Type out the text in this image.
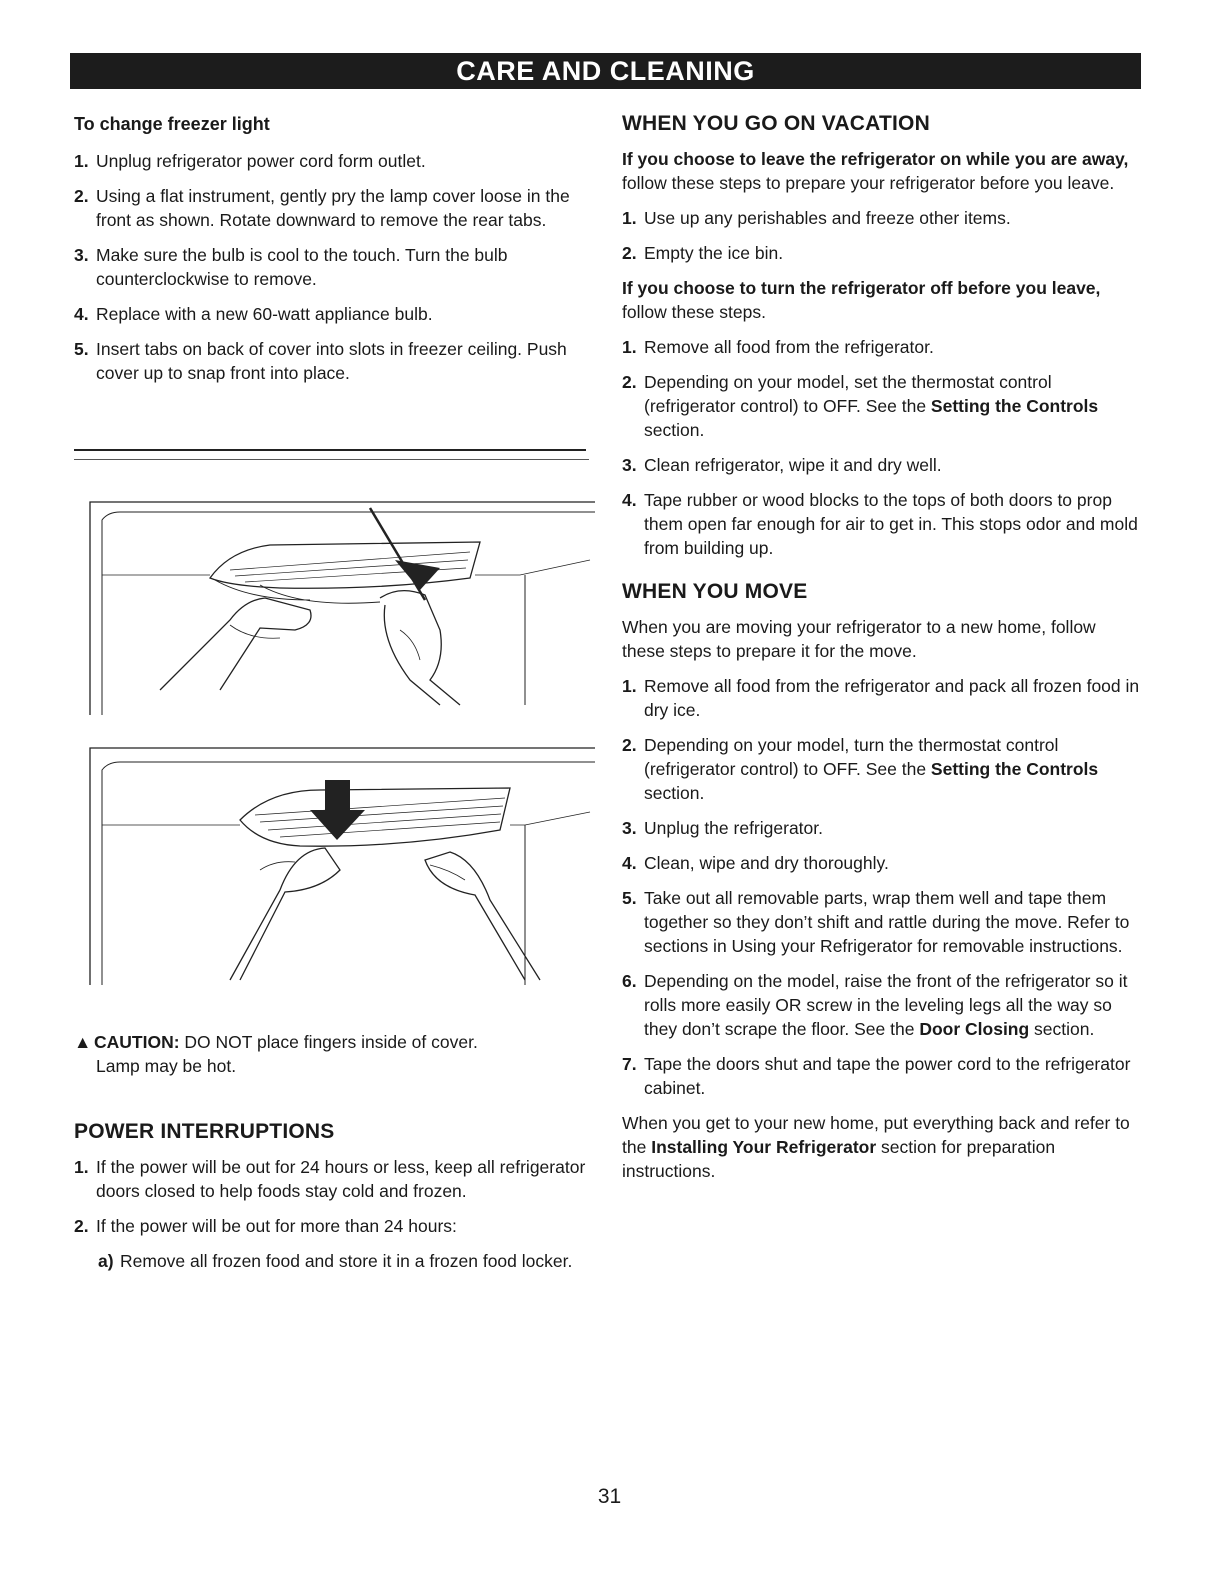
CARE AND CLEANING

To change freezer light

1. Unplug refrigerator power cord form outlet.
2. Using a flat instrument, gently pry the lamp cover loose in the front as shown. Rotate downward to remove the rear tabs.
3. Make sure the bulb is cool to the touch. Turn the bulb counterclockwise to remove.
4. Replace with a new 60-watt appliance bulb.
5. Insert tabs on back of cover into slots in freezer ceiling. Push cover up to snap front into place.

▲ CAUTION: DO NOT place fingers inside of cover.

Lamp may be hot.

POWER INTERRUPTIONS

1. If the power will be out for 24 hours or less, keep all refrigerator doors closed to help foods stay cold and frozen.
2. If the power will be out for more than 24 hours:
a) Remove all frozen food and store it in a frozen food locker.

WHEN YOU GO ON VACATION

If you choose to leave the refrigerator on while you are away, follow these steps to prepare your refrigerator before you leave.

1. Use up any perishables and freeze other items.
2. Empty the ice bin.

If you choose to turn the refrigerator off before you leave, follow these steps.

1. Remove all food from the refrigerator.
2. Depending on your model, set the thermostat control (refrigerator control) to OFF. See the Setting the Controls section.
3. Clean refrigerator, wipe it and dry well.
4. Tape rubber or wood blocks to the tops of both doors to prop them open far enough for air to get in. This stops odor and mold from building up.

WHEN YOU MOVE

When you are moving your refrigerator to a new home, follow these steps to prepare it for the move.

1. Remove all food from the refrigerator and pack all frozen food in dry ice.
2. Depending on your model, turn the thermostat control (refrigerator control) to OFF. See the Setting the Controls section.
3. Unplug the refrigerator.
4. Clean, wipe and dry thoroughly.
5. Take out all removable parts, wrap them well and tape them together so they don’t shift and rattle during the move. Refer to sections in Using your Refrigerator for removable instructions.
6. Depending on the model, raise the front of the refrigerator so it rolls more easily OR screw in the leveling legs all the way so they don’t scrape the floor. See the Door Closing section.
7. Tape the doors shut and tape the power cord to the refrigerator cabinet.

When you get to your new home, put everything back and refer to the Installing Your Refrigerator section for preparation instructions.

31
